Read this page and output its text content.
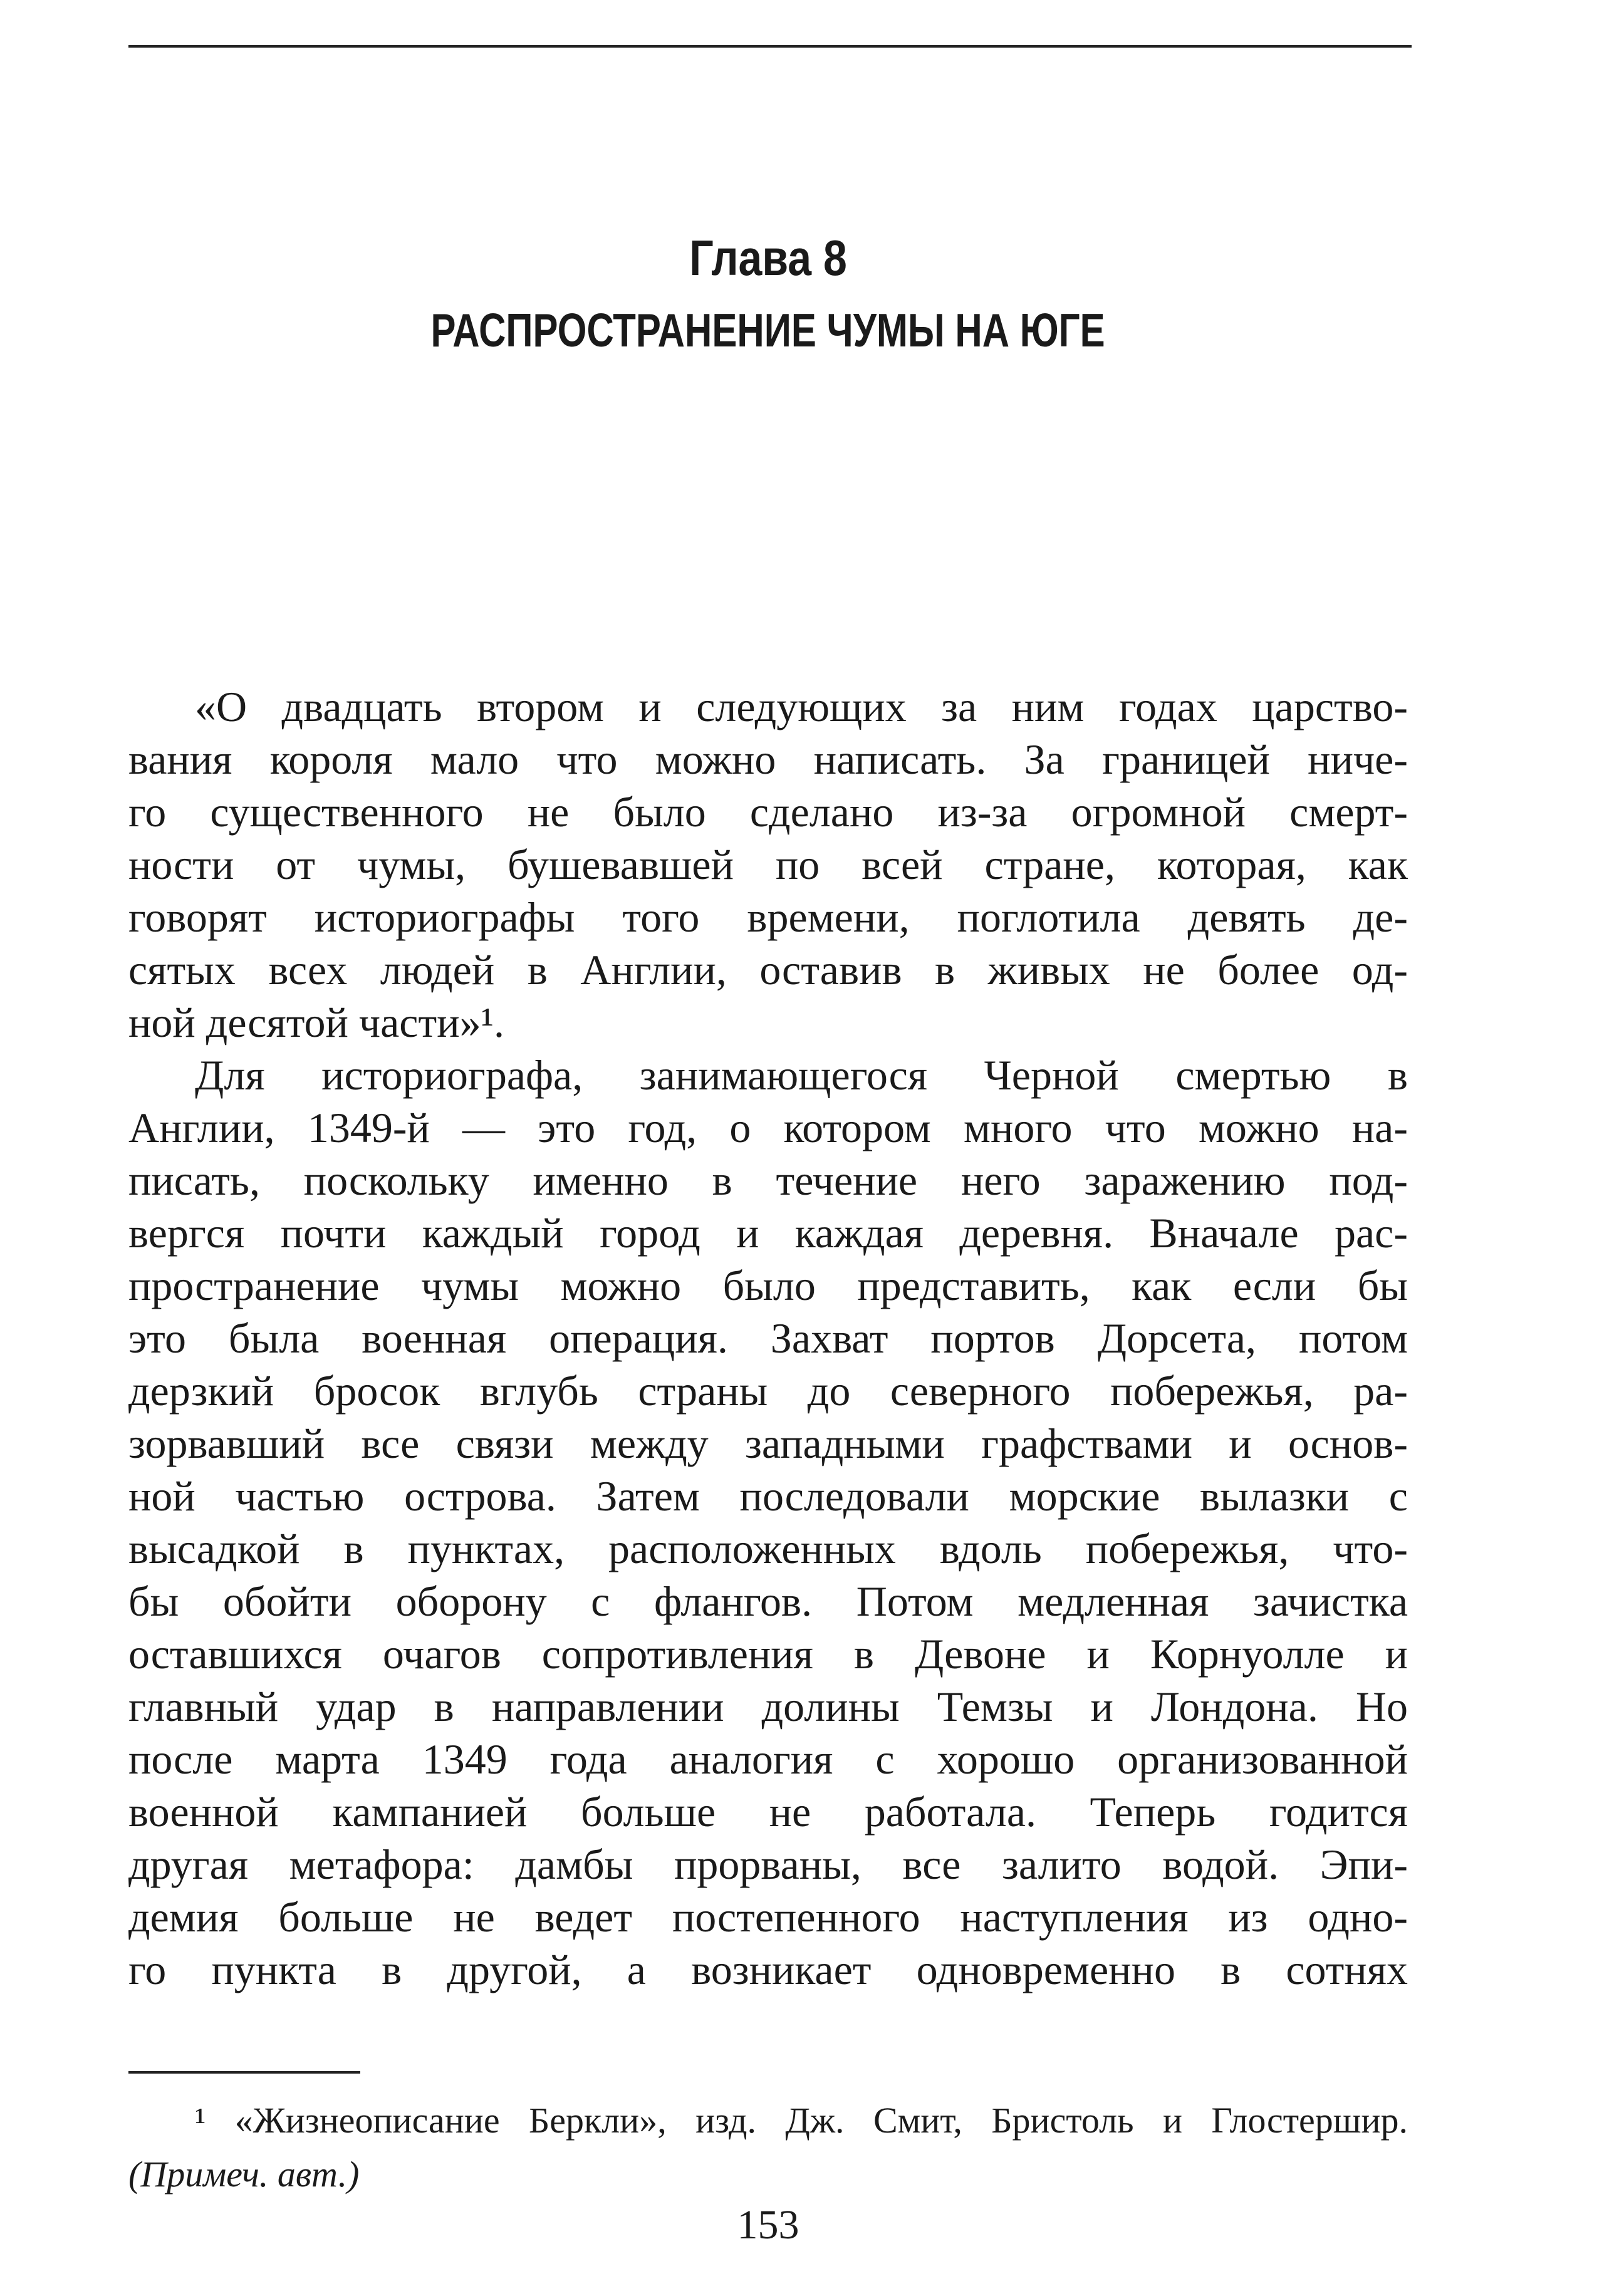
Глава 8
РАСПРОСТРАНЕНИЕ ЧУМЫ НА ЮГЕ

«О двадцать втором и следующих за ним годах царство-
вания короля мало что можно написать. За границей ниче-
го существенного не было сделано из-за огромной смерт-
ности от чумы, бушевавшей по всей стране, которая, как
говорят историографы того времени, поглотила девять де-
сятых всех людей в Англии, оставив в живых не более од-
ной десятой части»¹.

Для историографа, занимающегося Черной смертью в
Англии, 1349-й — это год, о котором много что можно на-
писать, поскольку именно в течение него заражению под-
вергся почти каждый город и каждая деревня. Вначале рас-
пространение чумы можно было представить, как если бы
это была военная операция. Захват портов Дорсета, потом
дерзкий бросок вглубь страны до северного побережья, ра-
зорвавший все связи между западными графствами и основ-
ной частью острова. Затем последовали морские вылазки с
высадкой в пунктах, расположенных вдоль побережья, что-
бы обойти оборону с флангов. Потом медленная зачистка
оставшихся очагов сопротивления в Девоне и Корнуолле и
главный удар в направлении долины Темзы и Лондона. Но
после марта 1349 года аналогия с хорошо организованной
военной кампанией больше не работала. Теперь годится
другая метафора: дамбы прорваны, все залито водой. Эпи-
демия больше не ведет постепенного наступления из одно-
го пункта в другой, а возникает одновременно в сотнях

¹ «Жизнеописание Беркли», изд. Дж. Смит, Бристоль и Глостершир.
(Примеч. авт.)
153
